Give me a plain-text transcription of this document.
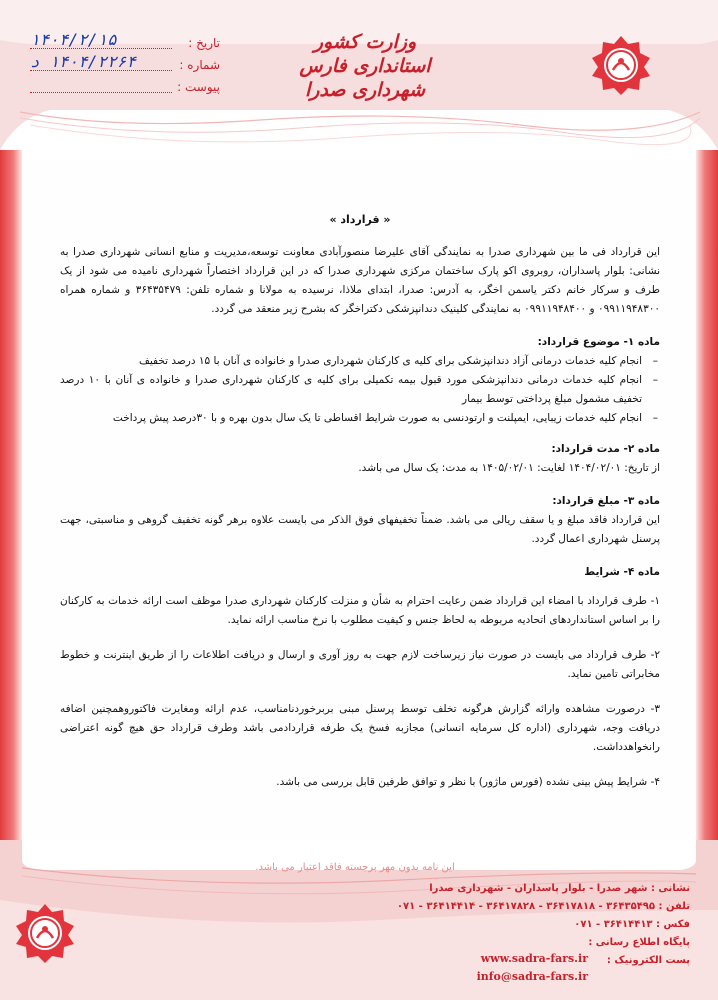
وزارت کشور
استانداری فارس
شهرداری صدرا
تاریخ :
۱۴۰۴/۲/۱۵
شماره :
۱۴۰۴/۲۲۶۴ د
پیوست :
« قرارداد »

این قرارداد فی ما بین شهرداری صدرا به نمایندگی آقای علیرضا منصورآبادی معاونت توسعه،مدیریت و منابع انسانی شهرداری صدرا به نشانی: بلوار پاسداران، روبروی اکو پارک ساختمان مرکزی شهرداری صدرا که در این قرارداد اختصاراً شهرداری نامیده می شود از یک طرف و سرکار خانم دکتر یاسمن اخگر، به آدرس: صدرا، ابتدای ملاذا، نرسیده به مولانا و شماره تلفن: ۳۶۴۳۵۴۷۹ و شماره همراه ۰۹۹۱۱۹۴۸۳۰۰ و ۰۹۹۱۱۹۴۸۴۰۰ به نمایندگی کلینیک دندانپزشکی دکتراخگر که بشرح زیر منعقد می گردد.

ماده ۱- موضوع قرارداد:
– انجام کلیه خدمات درمانی آزاد دندانپزشکی برای کلیه ی کارکنان شهرداری صدرا و خانواده ی آنان با ۱۵ درصد تخفیف
– انجام کلیه خدمات درمانی دندانپزشکی مورد قبول بیمه تکمیلی برای کلیه ی کارکنان شهرداری صدرا و خانواده ی آنان با ۱۰ درصد تخفیف مشمول مبلغ پرداختی توسط بیمار
– انجام کلیه خدمات زیبایی، ایمپلنت و ارتودنسی به صورت شرایط اقساطی تا یک سال بدون بهره و با ۳۰درصد پیش پرداخت
ماده ۲- مدت قرارداد:

از تاریخ: ۱۴۰۴/۰۲/۰۱ لغایت: ۱۴۰۵/۰۲/۰۱ به مدت: یک سال می باشد.

ماده ۳- مبلغ قرارداد:

این قرارداد فاقد مبلغ و یا سقف ریالی می باشد. ضمناً تخفیفهای فوق الذکر می بایست علاوه برهر گونه تخفیف گروهی و مناسبتی، جهت پرسنل شهرداری اعمال گردد.

ماده ۴- شرایط

۱- طرف قرارداد با امضاء این قرارداد ضمن رعایت احترام به شأن و منزلت کارکنان شهرداری صدرا موظف است ارائه خدمات به کارکنان را بر اساس استانداردهای اتحادیه مربوطه به لحاظ جنس و کیفیت مطلوب با نرخ مناسب ارائه نماید.

۲- طرف قرارداد می بایست در صورت نیاز زیرساخت لازم جهت به روز آوری و ارسال و دریافت اطلاعات را از طریق اینترنت و خطوط مخابراتی تامین نماید.

۳- درصورت مشاهده وارائه گزارش هرگونه تخلف توسط پرسنل مبنی بربرخوردنامناسب، عدم ارائه ومغایرت فاکتوروهمچنین اضافه دریافت وجه، شهرداری (اداره کل سرمایه انسانی) مجازبه فسخ یک طرفه قراردادمی باشد وطرف قرارداد حق هیچ گونه اعتراضی رانخواهدداشت.

۴- شرایط پیش بینی نشده (فورس ماژور) با نظر و توافق طرفین قابل بررسی می باشد.

این نامه بدون مهر برجسته فاقد اعتبار می باشد.
نشانی : شهر صدرا - بلوار پاسداران - شهرداری صدرا
تلفن : ۳۶۴۳۵۴۹۵ - ۳۶۴۱۷۸۱۸ - ۳۶۴۱۷۸۲۸ - ۳۶۴۱۴۴۱۴ - ۰۷۱
فکس : ۳۶۴۱۴۴۱۳ - ۰۷۱
پایگاه اطلاع رسانی :
پست الکترونیک :
www.sadra-fars.ir
info@sadra-fars.ir
